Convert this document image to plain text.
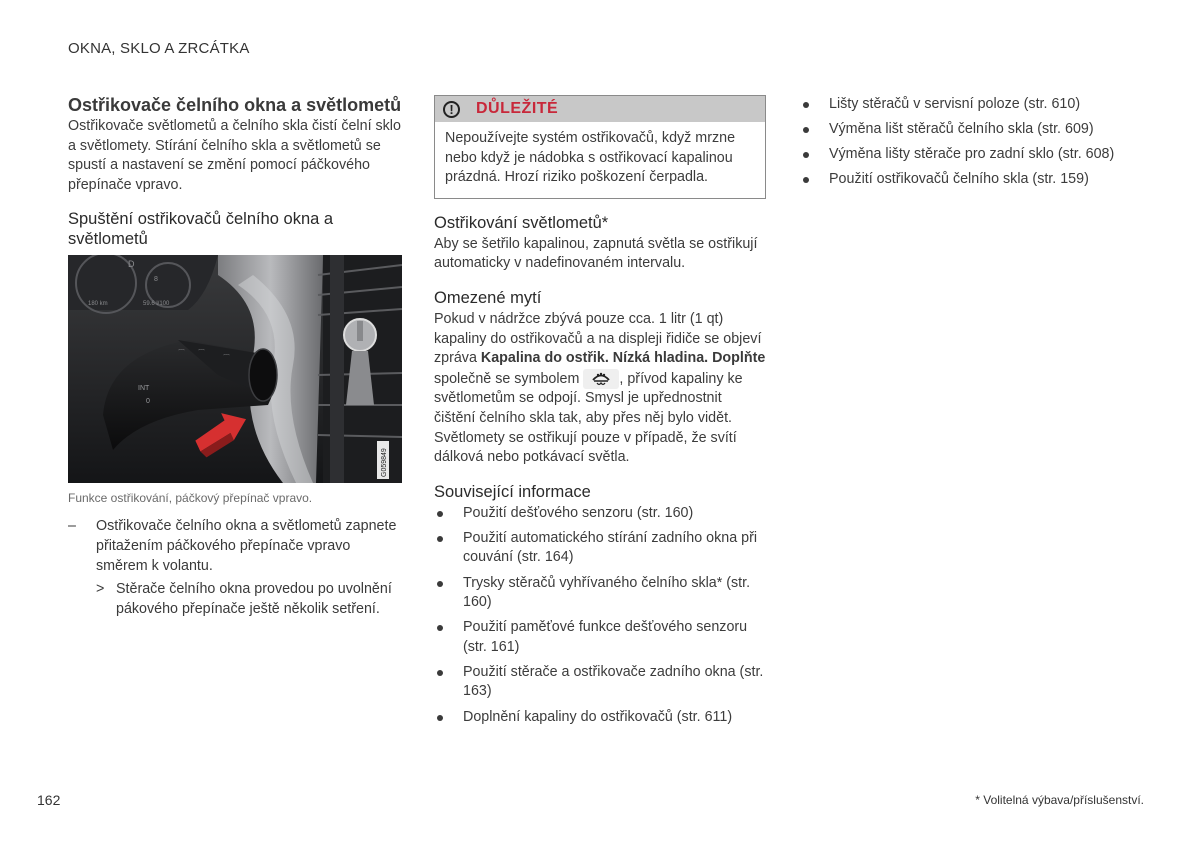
OKNA, SKLO A ZRCÁTKA
Ostřikovače čelního okna a světlometů

Ostřikovače světlometů a čelního skla čistí čelní sklo a světlomety. Stírání čelního skla a světlometů se spustí a nastavení se změní pomocí páčkového přepínače vpravo.

Spuštění ostřikovačů čelního okna a světlometů
D
8
180 km	59.6 l/100
⌒ ⌒
⌒
INT
0
G059849
Funkce ostřikování, páčkový přepínač vpravo.
–	Ostřikovače čelního okna a světlometů zapnete přitažením páčkového přepínače vpravo směrem k volantu.
> Stěrače čelního okna provedou po uvolnění pákového přepínače ještě několik setření.
!	DŮLEŽITÉ
Nepoužívejte systém ostřikovačů, když mrzne nebo když je nádobka s ostřikovací kapalinou prázdná. Hrozí riziko poškození čerpadla.
Ostřikování světlometů*

Aby se šetřilo kapalinou, zapnutá světla se ostřikují automaticky v nadefinovaném intervalu.

Omezené mytí

Pokud v nádržce zbývá pouze cca. 1 litr (1 qt) kapaliny do ostřikovačů a na displeji řidiče se objeví zpráva Kapalina do ostřik. Nízká hladina. Doplňte společně se symbolem	, přívod kapaliny ke světlometům se odpojí. Smysl je upřednostnit čištění čelního skla tak, aby přes něj bylo vidět. Světlomety se ostřikují pouze v případě, že svítí dálková nebo potkávací světla.

Související informace
Použití dešťového senzoru (str. 160)
Použití automatického stírání zadního okna při couvání (str. 164)
Trysky stěračů vyhřívaného čelního skla* (str. 160)
Použití paměťové funkce dešťového senzoru (str. 161)
Použití stěrače a ostřikovače zadního okna (str. 163)
Doplnění kapaliny do ostřikovačů (str. 611)
Lišty stěračů v servisní poloze (str. 610)
Výměna lišt stěračů čelního skla (str. 609)
Výměna lišty stěrače pro zadní sklo (str. 608)
Použití ostřikovačů čelního skla (str. 159)
162	* Volitelná výbava/příslušenství.
